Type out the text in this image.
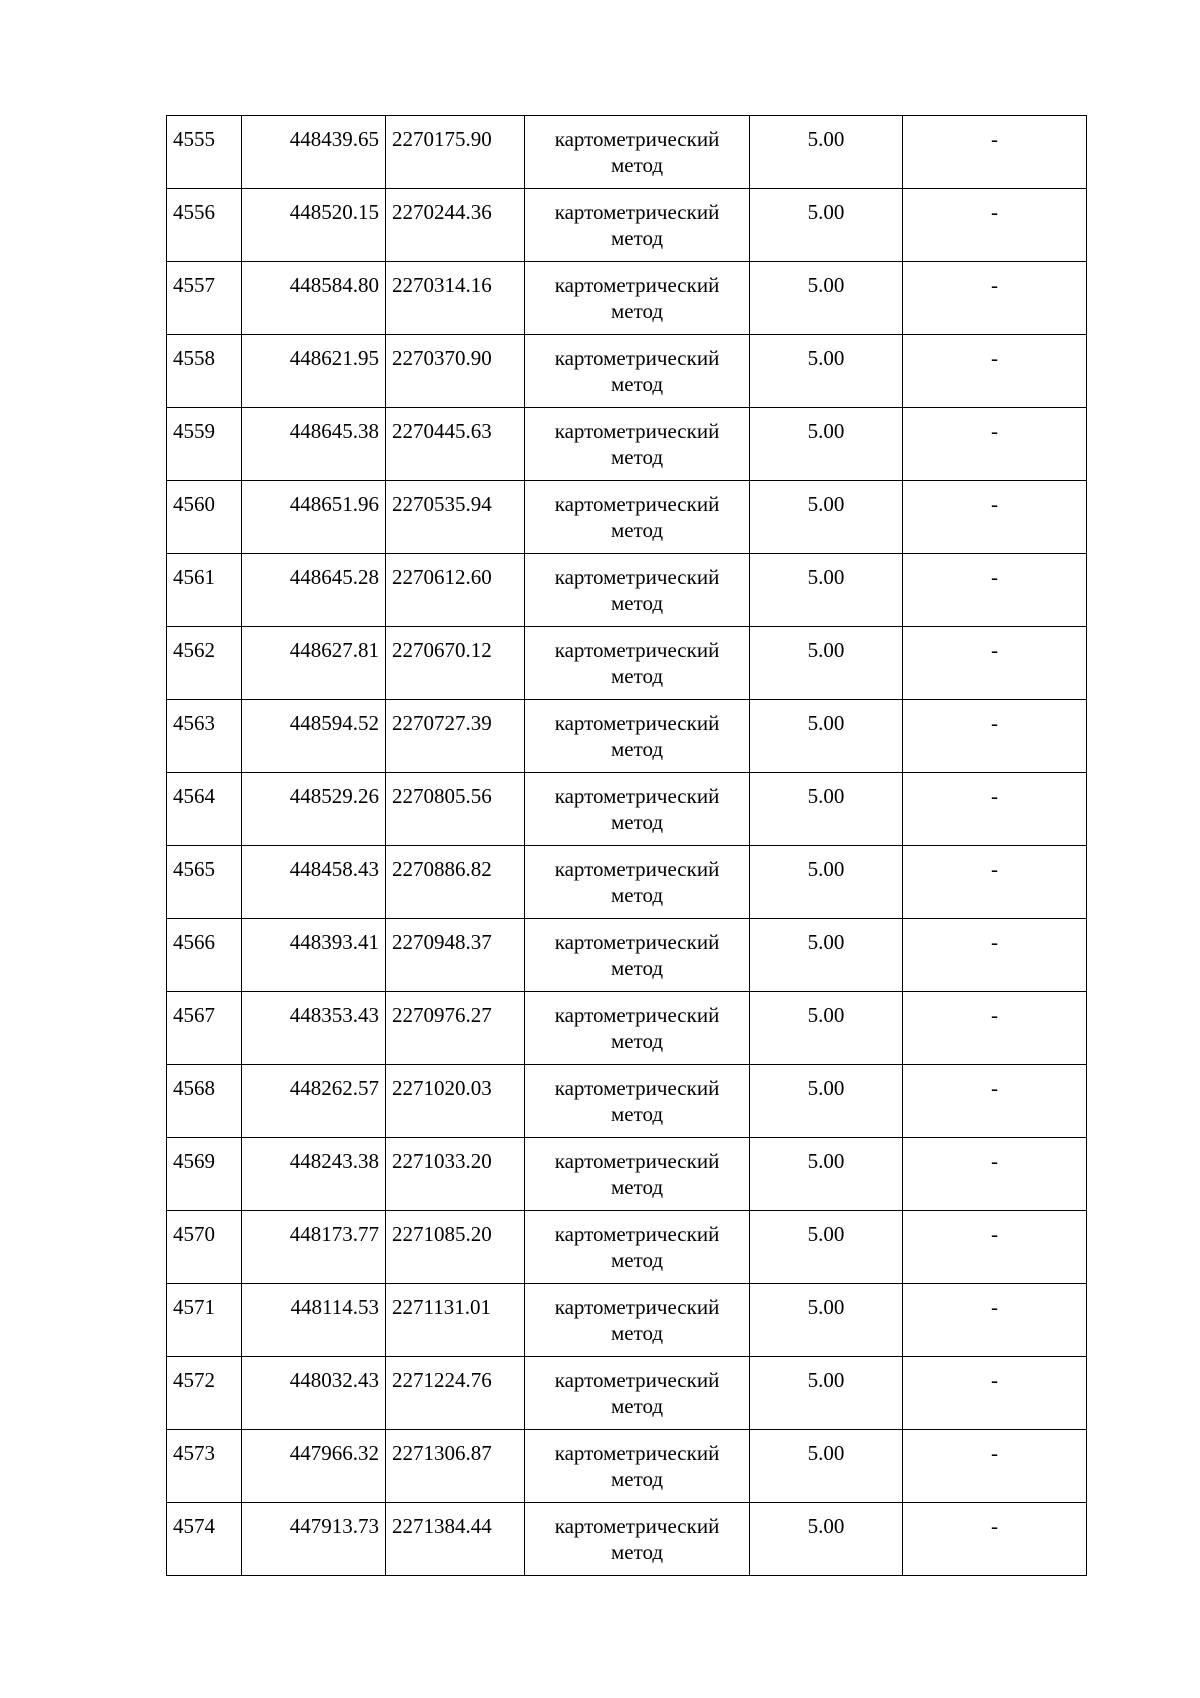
4555	448439.65	2270175.90	картометрический метод	5.00	-
4556	448520.15	2270244.36	картометрический метод	5.00	-
4557	448584.80	2270314.16	картометрический метод	5.00	-
4558	448621.95	2270370.90	картометрический метод	5.00	-
4559	448645.38	2270445.63	картометрический метод	5.00	-
4560	448651.96	2270535.94	картометрический метод	5.00	-
4561	448645.28	2270612.60	картометрический метод	5.00	-
4562	448627.81	2270670.12	картометрический метод	5.00	-
4563	448594.52	2270727.39	картометрический метод	5.00	-
4564	448529.26	2270805.56	картометрический метод	5.00	-
4565	448458.43	2270886.82	картометрический метод	5.00	-
4566	448393.41	2270948.37	картометрический метод	5.00	-
4567	448353.43	2270976.27	картометрический метод	5.00	-
4568	448262.57	2271020.03	картометрический метод	5.00	-
4569	448243.38	2271033.20	картометрический метод	5.00	-
4570	448173.77	2271085.20	картометрический метод	5.00	-
4571	448114.53	2271131.01	картометрический метод	5.00	-
4572	448032.43	2271224.76	картометрический метод	5.00	-
4573	447966.32	2271306.87	картометрический метод	5.00	-
4574	447913.73	2271384.44	картометрический метод	5.00	-
